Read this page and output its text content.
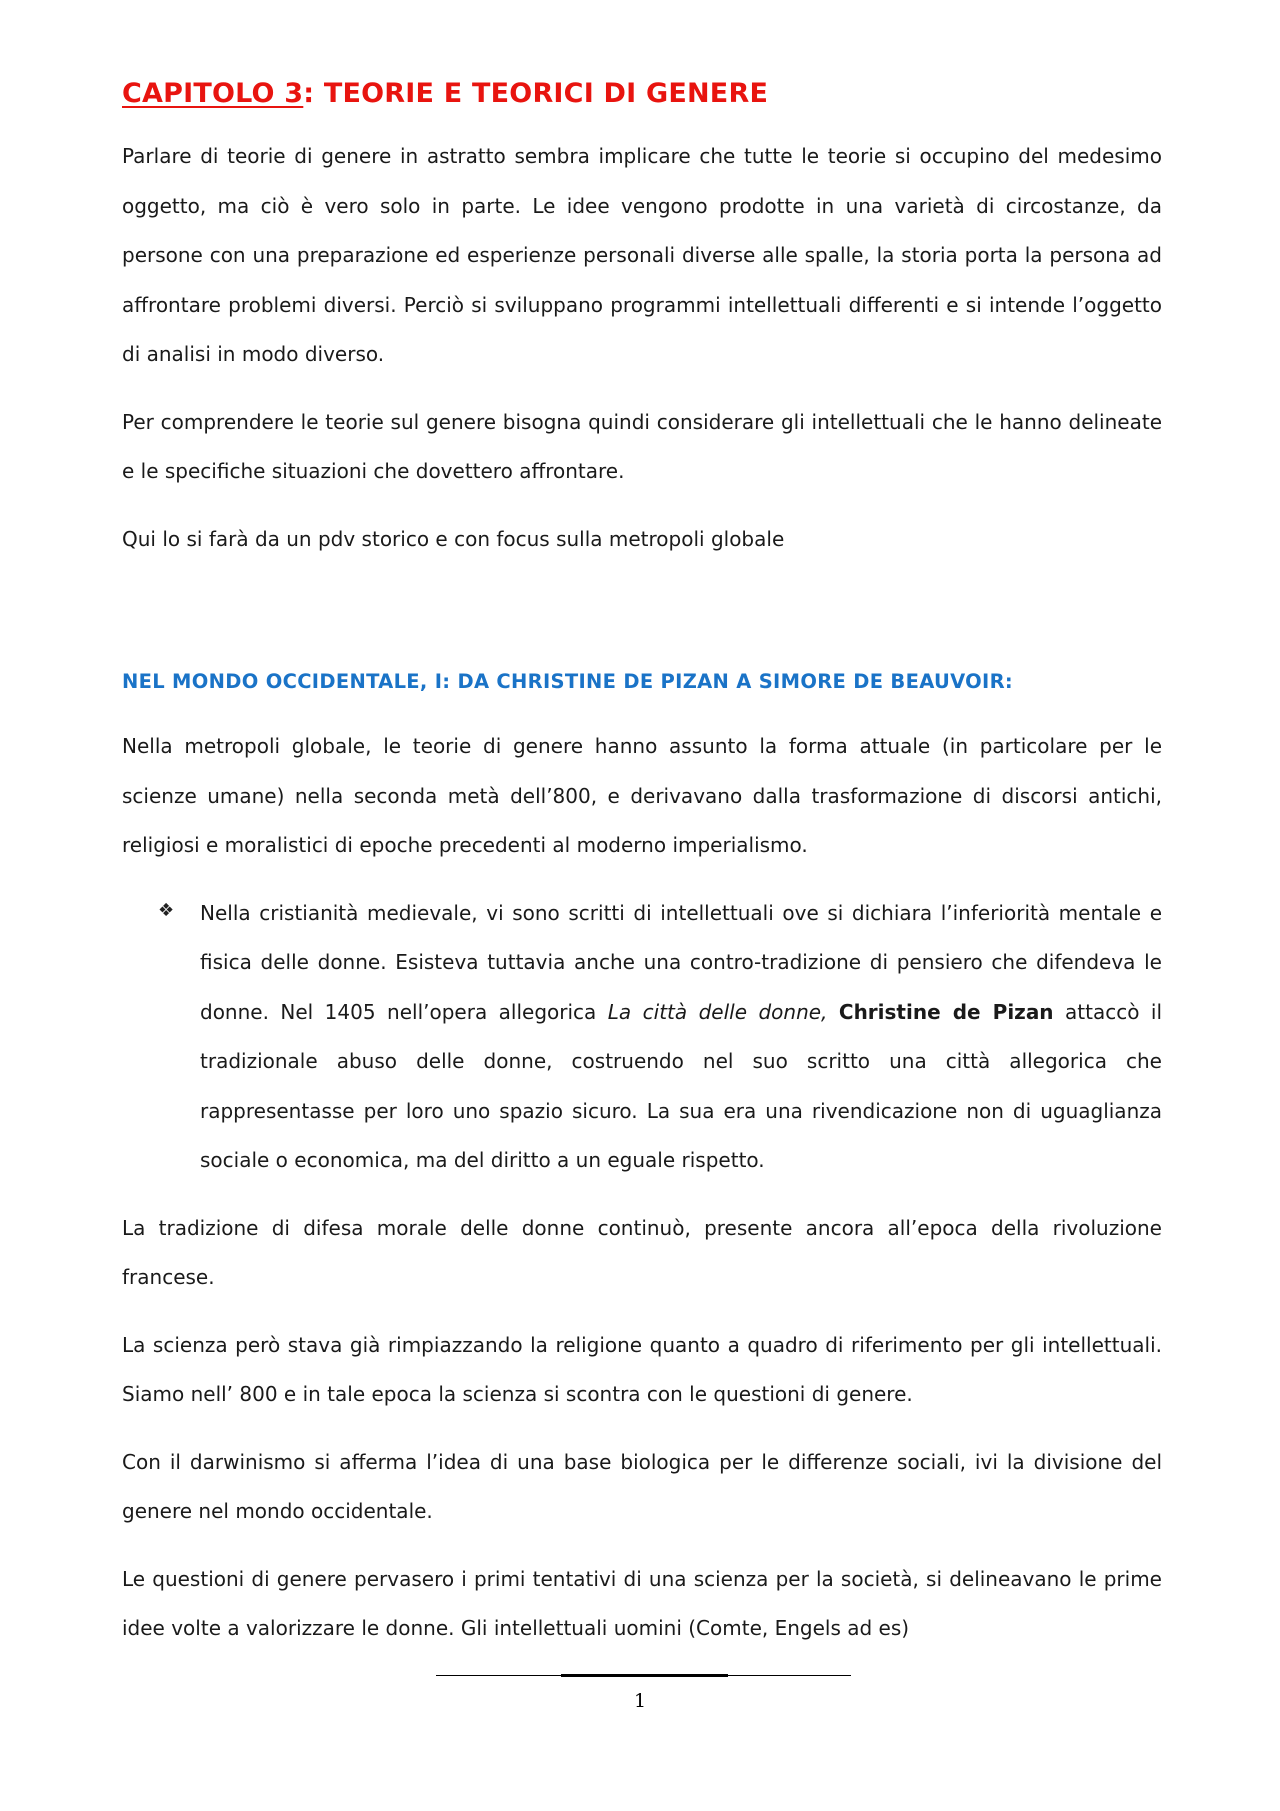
CAPITOLO 3: TEORIE E TEORICI DI GENERE

Parlare di teorie di genere in astratto sembra implicare che tutte le teorie si occupino del medesimo oggetto, ma ciò è vero solo in parte. Le idee vengono prodotte in una varietà di circostanze, da persone con una preparazione ed esperienze personali diverse alle spalle, la storia porta la persona ad affrontare problemi diversi. Perciò si sviluppano programmi intellettuali differenti e si intende l’oggetto di analisi in modo diverso.

Per comprendere le teorie sul genere bisogna quindi considerare gli intellettuali che le hanno delineate e le specifiche situazioni che dovettero affrontare.

Qui lo si farà da un pdv storico e con focus sulla metropoli globale

NEL MONDO OCCIDENTALE, I: DA CHRISTINE DE PIZAN A SIMORE DE BEAUVOIR:

Nella metropoli globale, le teorie di genere hanno assunto la forma attuale (in particolare per le scienze umane) nella seconda metà dell’800, e derivavano dalla trasformazione di discorsi antichi, religiosi e moralistici di epoche precedenti al moderno imperialismo.

❖ Nella cristianità medievale, vi sono scritti di intellettuali ove si dichiara l’inferiorità mentale e fisica delle donne. Esisteva tuttavia anche una contro-tradizione di pensiero che difendeva le donne. Nel 1405 nell’opera allegorica La città delle donne, Christine de Pizan attaccò il tradizionale abuso delle donne, costruendo nel suo scritto una città allegorica che rappresentasse per loro uno spazio sicuro. La sua era una rivendicazione non di uguaglianza sociale o economica, ma del diritto a un eguale rispetto.

La tradizione di difesa morale delle donne continuò, presente ancora all’epoca della rivoluzione francese.

La scienza però stava già rimpiazzando la religione quanto a quadro di riferimento per gli intellettuali. Siamo nell’ 800 e in tale epoca la scienza si scontra con le questioni di genere.

Con il darwinismo si afferma l’idea di una base biologica per le differenze sociali, ivi la divisione del genere nel mondo occidentale.

Le questioni di genere pervasero i primi tentativi di una scienza per la società, si delineavano le prime idee volte a valorizzare le donne. Gli intellettuali uomini (Comte, Engels ad es)

1
